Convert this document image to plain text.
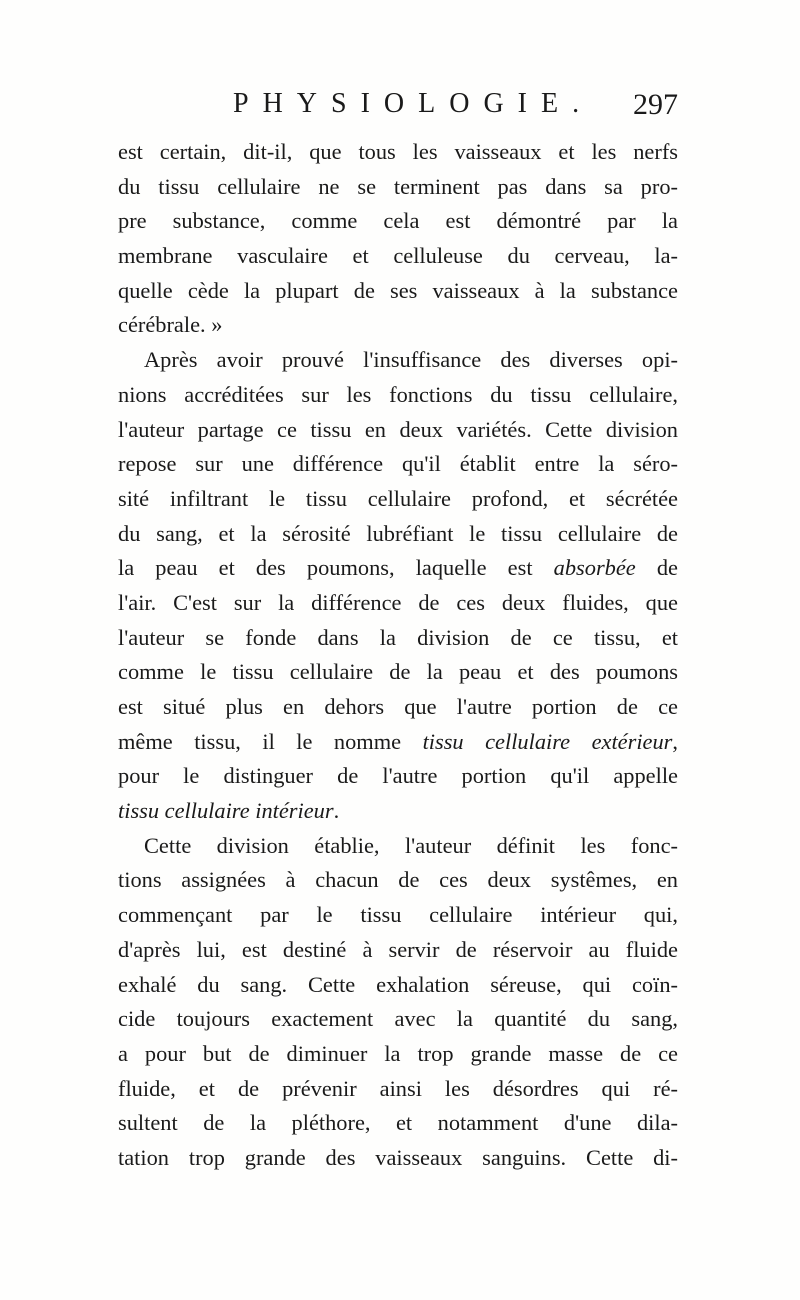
PHYSIOLOGIE. 297
est certain, dit-il, que tous les vaisseaux et les nerfs
du tissu cellulaire ne se terminent pas dans sa pro-
pre substance, comme cela est démontré par la
membrane vasculaire et celluleuse du cerveau, la-
quelle cède la plupart de ses vaisseaux à la substance
cérébrale. »
Après avoir prouvé l'insuffisance des diverses opi-
nions accréditées sur les fonctions du tissu cellulaire,
l'auteur partage ce tissu en deux variétés. Cette division
repose sur une différence qu'il établit entre la séro-
sité infiltrant le tissu cellulaire profond, et sécrétée
du sang, et la sérosité lubréfiant le tissu cellulaire de
la peau et des poumons, laquelle est absorbée de
l'air. C'est sur la différence de ces deux fluides, que
l'auteur se fonde dans la division de ce tissu, et
comme le tissu cellulaire de la peau et des poumons
est situé plus en dehors que l'autre portion de ce
même tissu, il le nomme tissu cellulaire extérieur,
pour le distinguer de l'autre portion qu'il appelle
tissu cellulaire intérieur.
Cette division établie, l'auteur définit les fonc-
tions assignées à chacun de ces deux systêmes, en
commençant par le tissu cellulaire intérieur qui,
d'après lui, est destiné à servir de réservoir au fluide
exhalé du sang. Cette exhalation séreuse, qui coïn-
cide toujours exactement avec la quantité du sang,
a pour but de diminuer la trop grande masse de ce
fluide, et de prévenir ainsi les désordres qui ré-
sultent de la pléthore, et notamment d'une dila-
tation trop grande des vaisseaux sanguins. Cette di-
